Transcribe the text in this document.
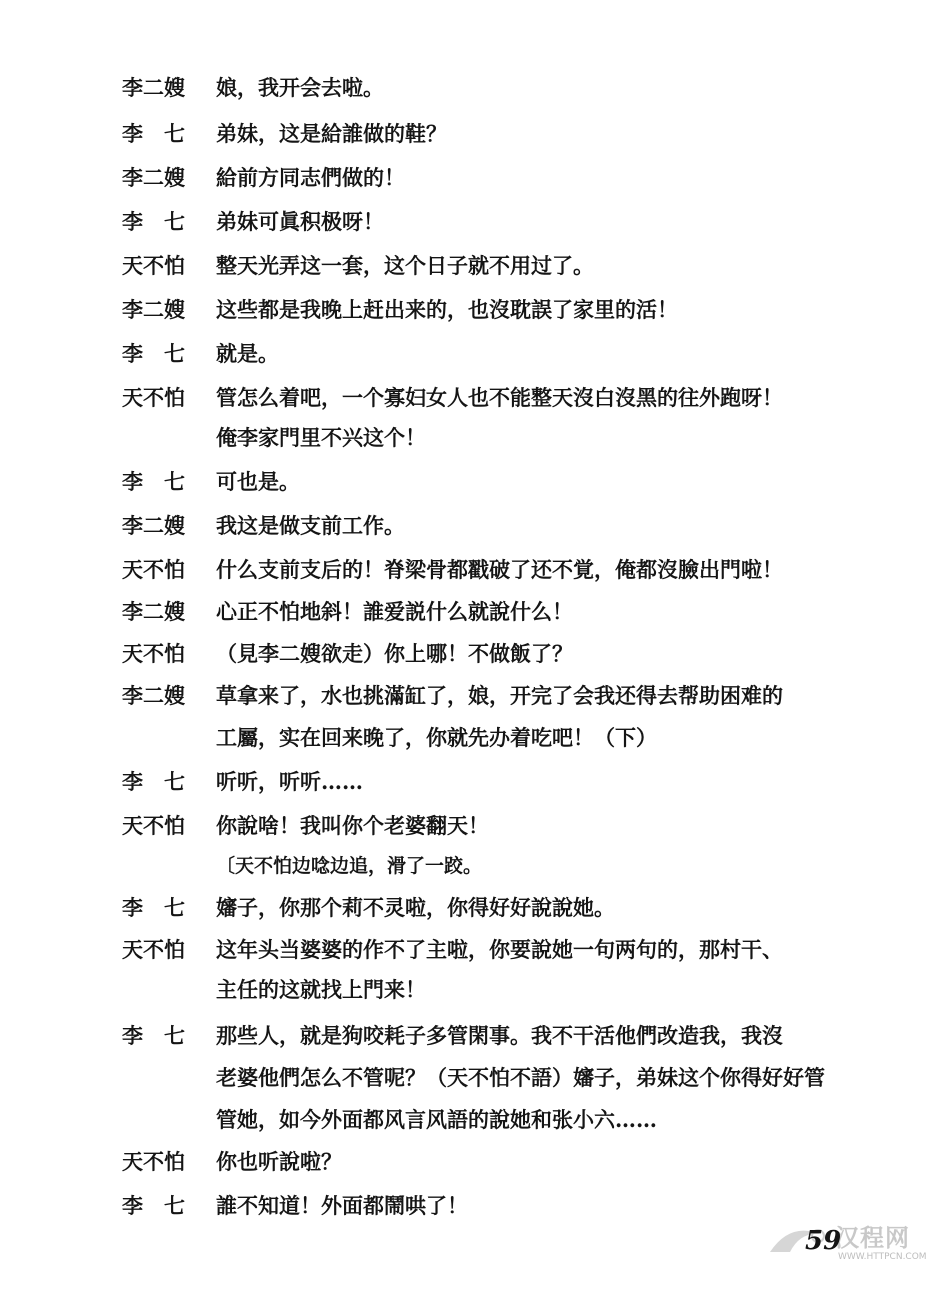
李二嫂	娘，我开会去啦。
李　七	弟妹，这是給誰做的鞋？
李二嫂	給前方同志們做的！
李　七	弟妹可眞积极呀！
天不怕	整天光弄这一套，这个日子就不用过了。
李二嫂	这些都是我晚上赶出来的，也沒耽誤了家里的活！
李　七	就是。
天不怕	管怎么着吧，一个寡妇女人也不能整天沒白沒黑的往外跑呀！
俺李家門里不兴这个！
李　七	可也是。
李二嫂	我这是做支前工作。
天不怕	什么支前支后的！脊梁骨都戳破了还不覚，俺都沒臉出門啦！
李二嫂	心正不怕地斜！誰爱説什么就說什么！
天不怕	（見李二嫂欲走）你上哪！不做飯了？
李二嫂	草拿来了，水也挑滿缸了，娘，开完了会我还得去帮助困难的
工屬，实在回来晚了，你就先办着吃吧！（下）
李　七	听听，听听……
天不怕	你說啥！我叫你个老婆翻天！
〔天不怕边唸边追，滑了一跤。
李　七	嬸子，你那个莉不灵啦，你得好好說說她。
天不怕	这年头当婆婆的作不了主啦，你要說她一句两句的，那村干、
主任的这就找上門来！
李　七	那些人，就是狗咬耗子多管閑事。我不干活他們改造我，我沒
老婆他們怎么不管呢？（天不怕不語）嬸子，弟妹这个你得好好管
管她，如今外面都风言风語的說她和张小六……
天不怕	你也听說啦？
李　七	誰不知道！外面都鬧哄了！
汉程网
WWW.HTTPCN.COM
59
